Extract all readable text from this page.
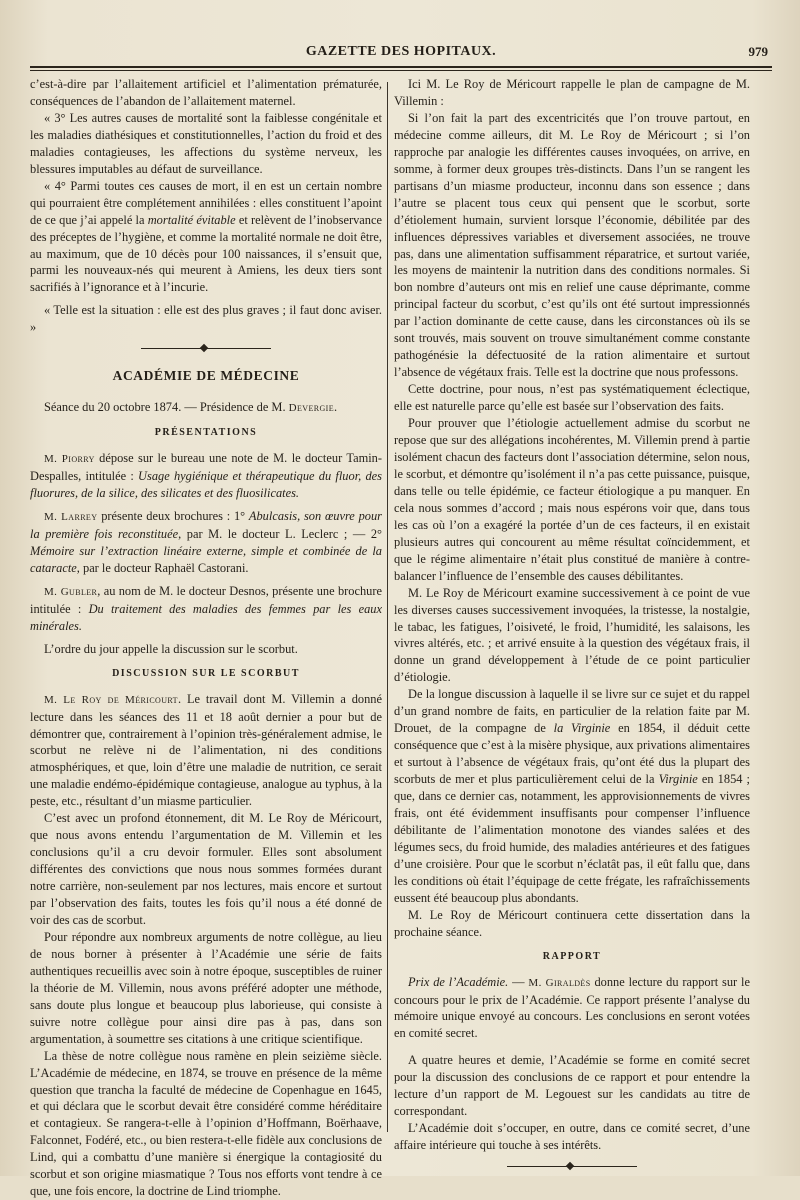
GAZETTE DES HOPITAUX.	979

c’est-à-dire par l’allaitement artificiel et l’alimentation prématurée, conséquences de l’abandon de l’allaitement maternel.

« 3° Les autres causes de mortalité sont la faiblesse congénitale et les maladies diathésiques et constitutionnelles, l’action du froid et des maladies contagieuses, les affections du système nerveux, les blessures imputables au défaut de surveillance.

« 4° Parmi toutes ces causes de mort, il en est un certain nombre qui pourraient être complétement annihilées : elles constituent l’apoint de ce que j’ai appelé la mortalité évitable et relèvent de l’inobservance des préceptes de l’hygiène, et comme la mortalité normale ne doit être, au maximum, que de 10 décès pour 100 naissances, il s’ensuit que, parmi les nouveaux-nés qui meurent à Amiens, les deux tiers sont sacrifiés à l’ignorance et à l’incurie.

« Telle est la situation : elle est des plus graves ; il faut donc aviser. »

ACADÉMIE DE MÉDECINE

Séance du 20 octobre 1874. — Présidence de M. Devergie.

PRÉSENTATIONS

M. Piorry dépose sur le bureau une note de M. le docteur Tamin-Despalles, intitulée : Usage hygiénique et thérapeutique du fluor, des fluorures, de la silice, des silicates et des fluosilicates.

M. Larrey présente deux brochures : 1° Abulcasis, son œuvre pour la première fois reconstituée, par M. le docteur L. Leclerc ; — 2° Mémoire sur l’extraction linéaire externe, simple et combinée de la cataracte, par le docteur Raphaël Castorani.

M. Gubler, au nom de M. le docteur Desnos, présente une brochure intitulée : Du traitement des maladies des femmes par les eaux minérales.

L’ordre du jour appelle la discussion sur le scorbut.

DISCUSSION SUR LE SCORBUT

M. Le Roy de Méricourt. Le travail dont M. Villemin a donné lecture dans les séances des 11 et 18 août dernier a pour but de démontrer que, contrairement à l’opinion très-généralement admise, le scorbut ne relève ni de l’alimentation, ni des conditions atmosphériques, et que, loin d’être une maladie de nutrition, ce serait une maladie endémo-épidémique contagieuse, analogue au typhus, à la peste, etc., résultant d’un miasme particulier.

C’est avec un profond étonnement, dit M. Le Roy de Méricourt, que nous avons entendu l’argumentation de M. Villemin et les conclusions qu’il a cru devoir formuler. Elles sont absolument différentes des convictions que nous nous sommes formées durant notre carrière, non-seulement par nos lectures, mais encore et surtout par l’observation des faits, toutes les fois qu’il nous a été donné de voir des cas de scorbut.

Pour répondre aux nombreux arguments de notre collègue, au lieu de nous borner à présenter à l’Académie une série de faits authentiques recueillis avec soin à notre époque, susceptibles de ruiner la théorie de M. Villemin, nous avons préféré adopter une méthode, sans doute plus longue et beaucoup plus laborieuse, qui consiste à suivre notre collègue pour ainsi dire pas à pas, dans son argumentation, à soumettre ses citations à une critique scientifique.

La thèse de notre collègue nous ramène en plein seizième siècle. L’Académie de médecine, en 1874, se trouve en présence de la même question que trancha la faculté de médecine de Copenhague en 1645, et qui déclara que le scorbut devait être considéré comme héréditaire et contagieux. Se rangera-t-elle à l’opinion d’Hoffmann, Boërhaave, Falconnet, Fodéré, etc., ou bien restera-t-elle fidèle aux conclusions de Lind, qui a combattu d’une manière si énergique la contagiosité du scorbut et son origine miasmatique ? Tous nos efforts vont tendre à ce que, une fois encore, la doctrine de Lind triomphe.

Ici M. Le Roy de Méricourt rappelle le plan de campagne de M. Villemin :

Si l’on fait la part des excentricités que l’on trouve partout, en médecine comme ailleurs, dit M. Le Roy de Méricourt ; si l’on rapproche par analogie les différentes causes invoquées, on arrive, en somme, à former deux groupes très-distincts. Dans l’un se rangent les partisans d’un miasme producteur, inconnu dans son essence ; dans l’autre se placent tous ceux qui pensent que le scorbut, sorte d’étiolement humain, survient lorsque l’économie, débilitée par des influences dépressives variables et diversement associées, ne trouve pas, dans une alimentation suffisamment réparatrice, et surtout variée, les moyens de maintenir la nutrition dans des conditions normales. Si bon nombre d’auteurs ont mis en relief une cause déprimante, comme principal facteur du scorbut, c’est qu’ils ont été surtout impressionnés par l’action dominante de cette cause, dans les circonstances où ils se sont trouvés, mais souvent on trouve simultanément comme constante pathogénésie la défectuosité de la ration alimentaire et surtout l’absence de végétaux frais. Telle est la doctrine que nous professons.

Cette doctrine, pour nous, n’est pas systématiquement éclectique, elle est naturelle parce qu’elle est basée sur l’observation des faits.

Pour prouver que l’étiologie actuellement admise du scorbut ne repose que sur des allégations incohérentes, M. Villemin prend à partie isolément chacun des facteurs dont l’association détermine, selon nous, le scorbut, et démontre qu’isolément il n’a pas cette puissance, puisque, dans telle ou telle épidémie, ce facteur étiologique a pu manquer. En cela nous sommes d’accord ; mais nous espérons voir que, dans tous les cas où l’on a exagéré la portée d’un de ces facteurs, il en existait plusieurs autres qui concourent au même résultat coïncidemment, et que le régime alimentaire n’était plus constitué de manière à contre-balancer l’influence de l’ensemble des causes débilitantes.

M. Le Roy de Méricourt examine successivement à ce point de vue les diverses causes successivement invoquées, la tristesse, la nostalgie, le tabac, les fatigues, l’oisiveté, le froid, l’humidité, les salaisons, les vivres altérés, etc. ; et arrivé ensuite à la question des végétaux frais, il donne un grand développement à l’étude de ce point particulier d’étiologie.

De la longue discussion à laquelle il se livre sur ce sujet et du rappel d’un grand nombre de faits, en particulier de la relation faite par M. Drouet, de la compagne de la Virginie en 1854, il déduit cette conséquence que c’est à la misère physique, aux privations alimentaires et surtout à l’absence de végétaux frais, qu’ont été dus la plupart des scorbuts de mer et plus particulièrement celui de la Virginie en 1854 ; que, dans ce dernier cas, notamment, les approvisionnements de vivres frais, ont été évidemment insuffisants pour compenser l’influence débilitante de l’alimentation monotone des viandes salées et des légumes secs, du froid humide, des maladies antérieures et des fatigues d’une croisière. Pour que le scorbut n’éclatât pas, il eût fallu que, dans les conditions où était l’équipage de cette frégate, les rafraîchissements eussent été beaucoup plus abondants.

M. Le Roy de Méricourt continuera cette dissertation dans la prochaine séance.

RAPPORT

Prix de l’Académie. — M. Giraldès donne lecture du rapport sur le concours pour le prix de l’Académie. Ce rapport présente l’analyse du mémoire unique envoyé au concours. Les conclusions en seront votées en comité secret.

A quatre heures et demie, l’Académie se forme en comité secret pour la discussion des conclusions de ce rapport et pour entendre la lecture d’un rapport de M. Legouest sur les candidats au titre de correspondant.

L’Académie doit s’occuper, en outre, dans ce comité secret, d’une affaire intérieure qui touche à ses intérêts.
